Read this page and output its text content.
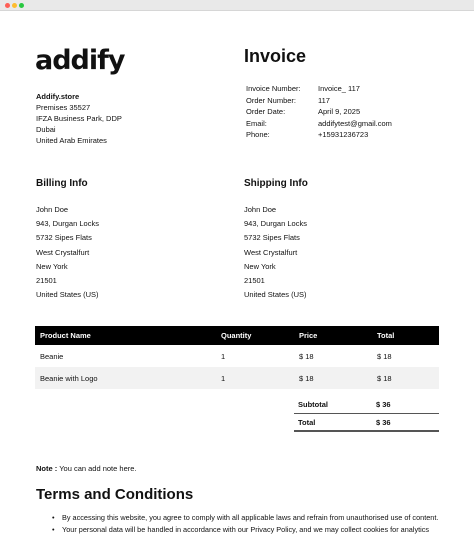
addify
Addify.store
Premises 35527
IFZA Business Park, DDP
Dubai
United Arab Emirates
Invoice
Invoice Number:	Invoice_ 117
Order Number:	117
Order Date:	April 9, 2025
Email:	addifytest@gmail.com
Phone:	+15931236723
Billing Info
John Doe
943, Durgan Locks
5732 Sipes Flats
West Crystalfurt
New York
21501
United States (US)
Shipping Info
John Doe
943, Durgan Locks
5732 Sipes Flats
West Crystalfurt
New York
21501
United States (US)
Product Name	Quantity	Price	Total
Beanie	1	$ 18	$ 18
Beanie with Logo	1	$ 18	$ 18
Subtotal	$ 36
Total	$ 36
Note : You can add note here.
Terms and Conditions
• By accessing this website, you agree to comply with all applicable laws and refrain from unauthorised use of content.
• Your personal data will be handled in accordance with our Privacy Policy, and we may collect cookies for analytics
